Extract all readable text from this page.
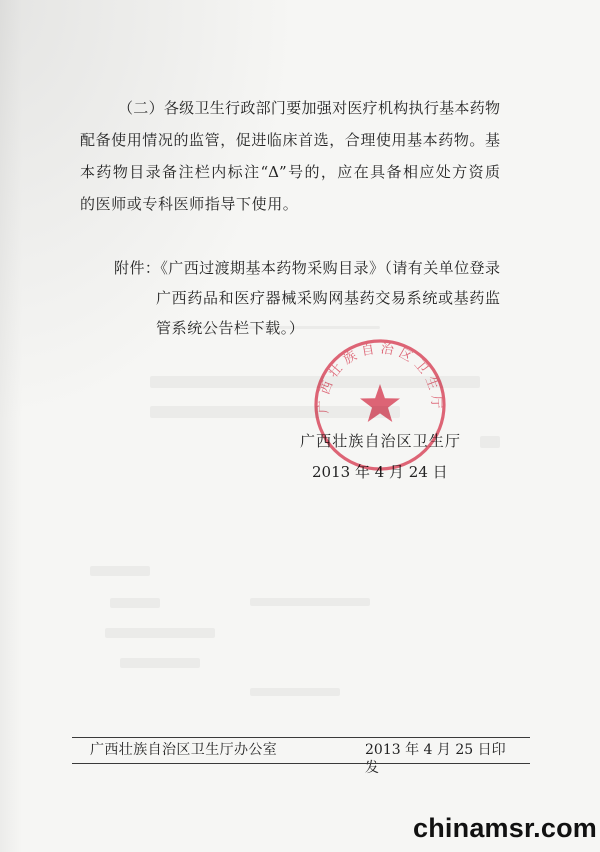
（二）各级卫生行政部门要加强对医疗机构执行基本药物
配备使用情况的监管，促进临床首选，合理使用基本药物。基
本药物目录备注栏内标注“Δ”号的，应在具备相应处方资质
的医师或专科医师指导下使用。
附件：《广西过渡期基本药物采购目录》（请有关单位登录
广西药品和医疗器械采购网基药交易系统或基药监
管系统公告栏下载。）
广西壮族自治区卫生厅
2013 年 4 月 24 日
广西壮族自治区卫生厅
广西壮族自治区卫生厅办公室	2013 年 4 月 25 日印发
chinamsr.com
